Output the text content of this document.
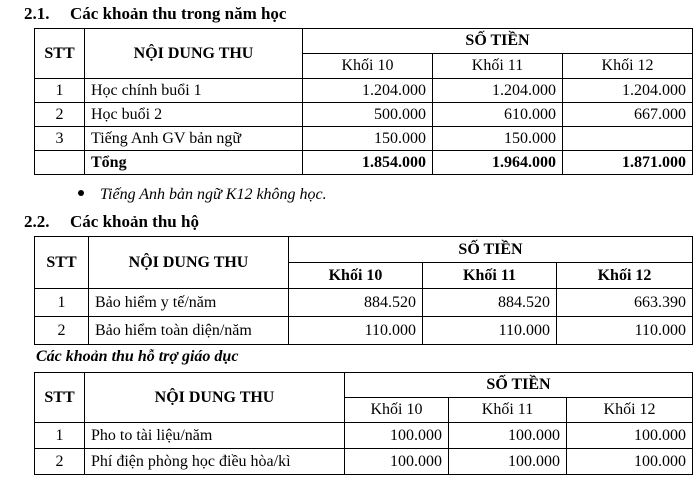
2.1. Các khoản thu trong năm học
STT	NỘI DUNG THU	SỐ TIỀN		
		Khối 10	Khối 11	Khối 12
1	Học chính buổi 1	1.204.000	1.204.000	1.204.000
2	Học buổi 2	500.000	610.000	667.000
3	Tiếng Anh GV bản ngữ	150.000	150.000	
	Tổng	1.854.000	1.964.000	1.871.000
Tiếng Anh bản ngữ K12 không học.
2.2. Các khoản thu hộ
STT	NỘI DUNG THU	SỐ TIỀN		
		Khối 10	Khối 11	Khối 12
1	Bảo hiểm y tế/năm	884.520	884.520	663.390
2	Bảo hiểm toàn diện/năm	110.000	110.000	110.000
Các khoản thu hỗ trợ giáo dục
STT	NỘI DUNG THU	SỐ TIỀN		
		Khối 10	Khối 11	Khối 12
1	Pho to tài liệu/năm	100.000	100.000	100.000
2	Phí điện phòng học điều hòa/kì	100.000	100.000	100.000
